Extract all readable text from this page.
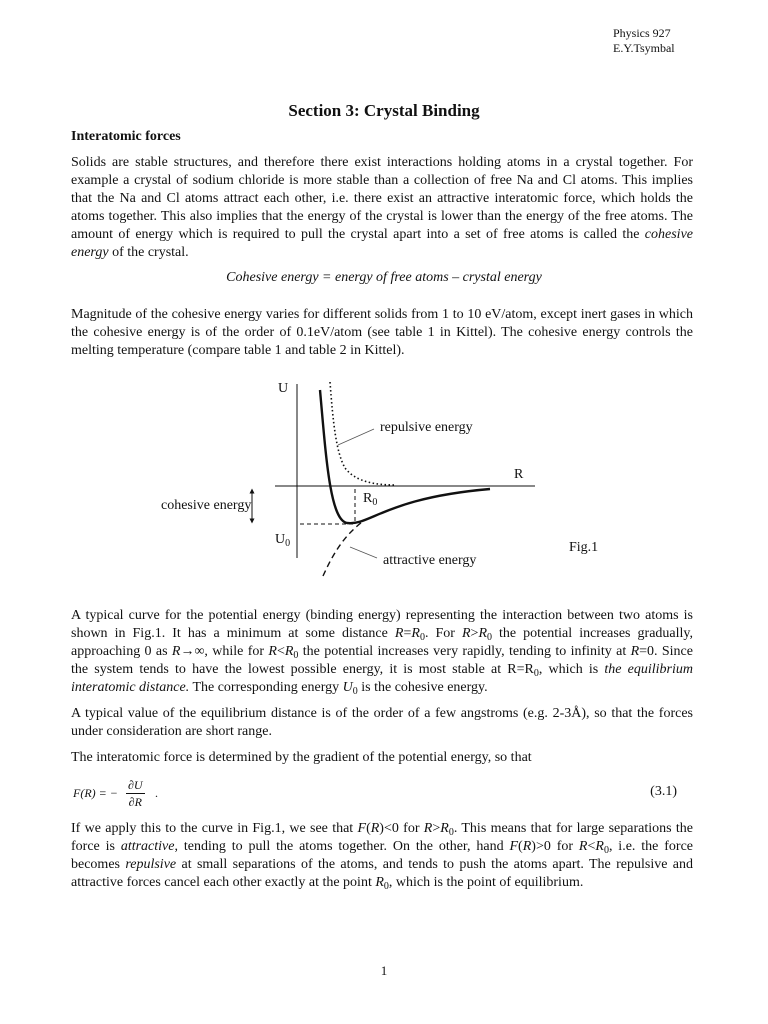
Physics 927
E.Y.Tsymbal
Section 3: Crystal Binding
Interatomic forces

Solids are stable structures, and therefore there exist interactions holding atoms in a crystal together. For example a crystal of sodium chloride is more stable than a collection of free Na and Cl atoms. This implies that the Na and Cl atoms attract each other, i.e. there exist an attractive interatomic force, which holds the atoms together. This also implies that the energy of the crystal is lower than the energy of the free atoms. The amount of energy which is required to pull the crystal apart into a set of free atoms is called the cohesive energy of the crystal.

Cohesive energy = energy of free atoms – crystal energy

Magnitude of the cohesive energy varies for different solids from 1 to 10 eV/atom, except inert gases in which the cohesive energy is of the order of 0.1eV/atom (see table 1 in Kittel). The cohesive energy controls the melting temperature (compare table 1 and table 2 in Kittel).

U
R
repulsive energy
cohesive energy	$R_0$
$U_0$
attractive energy
Fig.1

A typical curve for the potential energy (binding energy) representing the interaction between two atoms is shown in Fig.1. It has a minimum at some distance $R=R_0$. For $R>R_0$ the potential increases gradually, approaching 0 as R→∞, while for $R<R_0$ the potential increases very rapidly, tending to infinity at R=0. Since the system tends to have the lowest possible energy, it is most stable at $R=R_0$, which is the equilibrium interatomic distance. The corresponding energy $U_0$ is the cohesive energy.

A typical value of the equilibrium distance is of the order of a few angstroms (e.g. 2-3Å), so that the forces under consideration are short range.

The interatomic force is determined by the gradient of the potential energy, so that

F(R) = − $\frac{\partial U}{\partial R}$ .	(3.1)

If we apply this to the curve in Fig.1, we see that F(R)<0 for $R>R_0$. This means that for large separations the force is attractive, tending to pull the atoms together. On the other, hand F(R)>0 for $R<R_0$, i.e. the force becomes repulsive at small separations of the atoms, and tends to push the atoms apart. The repulsive and attractive forces cancel each other exactly at the point $R_0$, which is the point of equilibrium.

1
